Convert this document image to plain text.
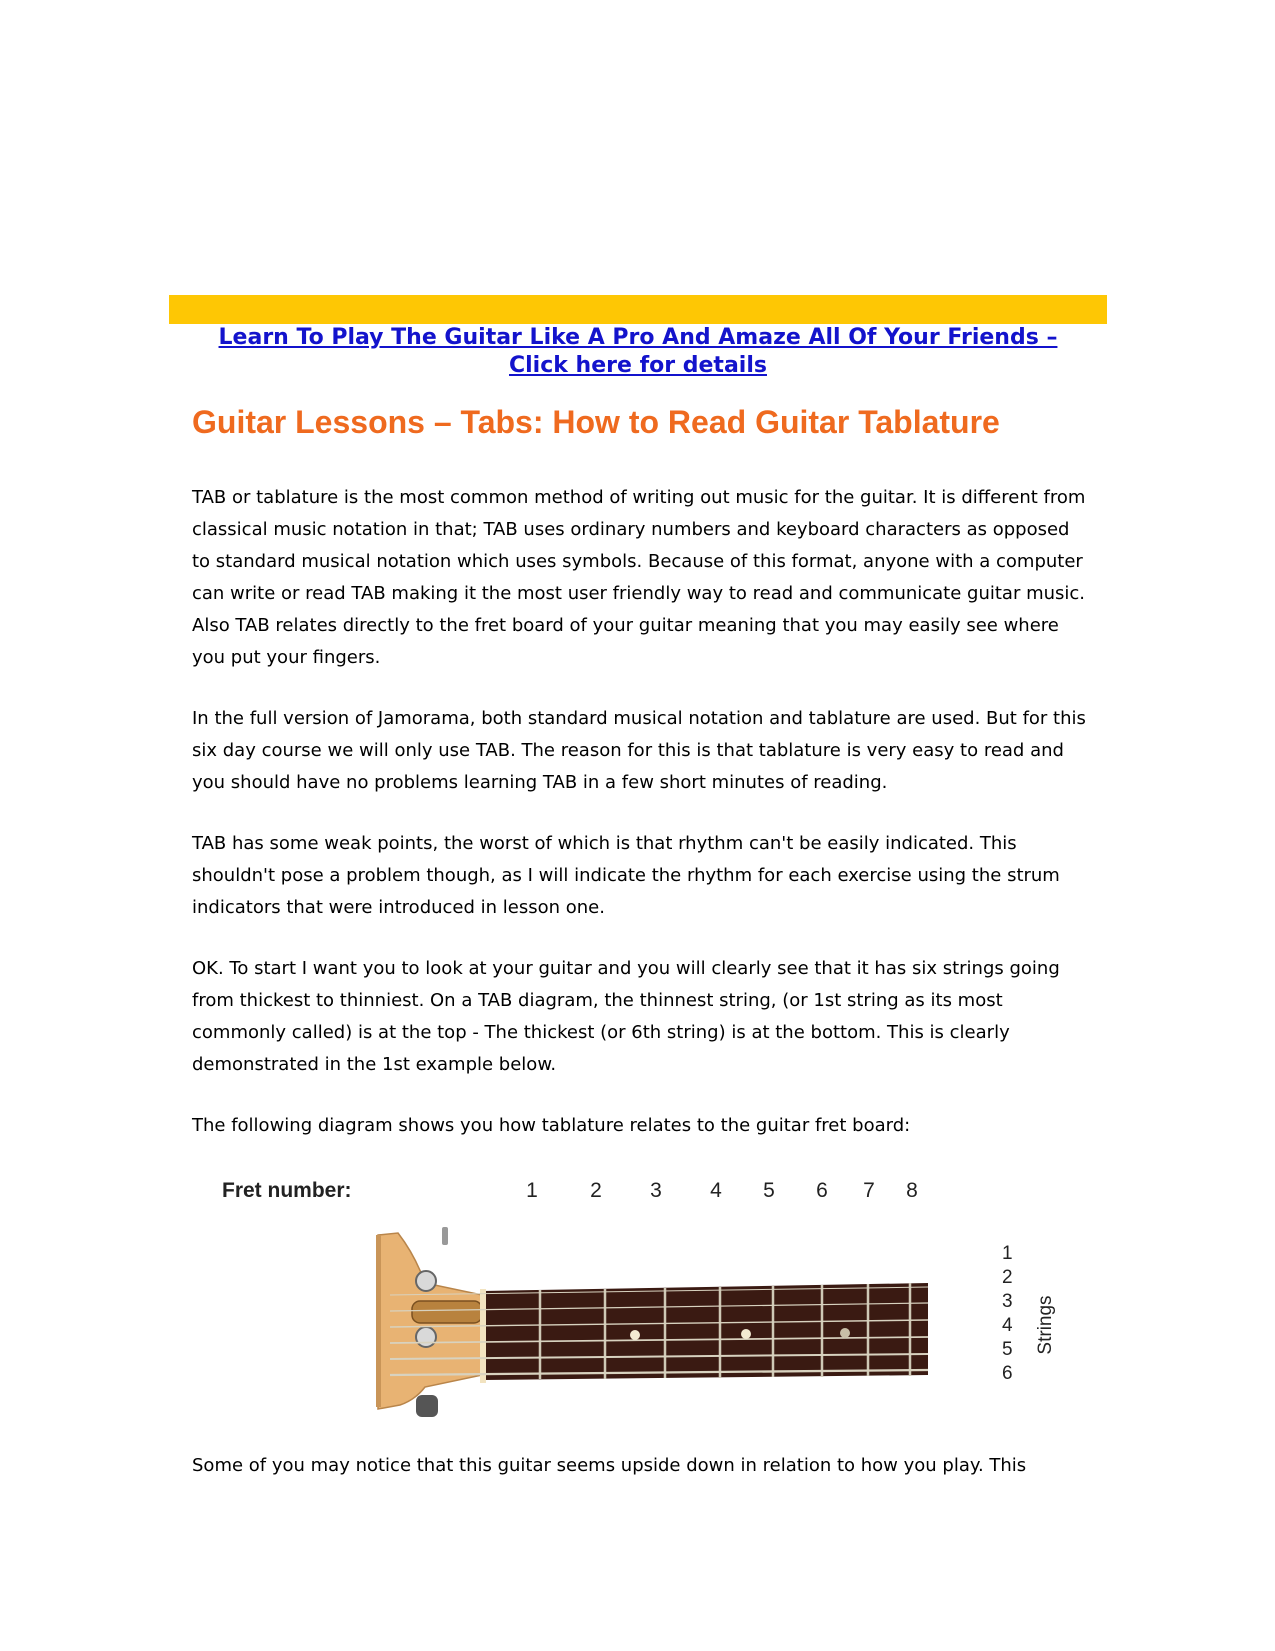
Learn To Play The Guitar Like A Pro And Amaze All Of Your Friends –
Click here for details
Guitar Lessons – Tabs: How to Read Guitar Tablature

TAB or tablature is the most common method of writing out music for the guitar. It is different from classical music notation in that; TAB uses ordinary numbers and keyboard characters as opposed to standard musical notation which uses symbols. Because of this format, anyone with a computer can write or read TAB making it the most user friendly way to read and communicate guitar music. Also TAB relates directly to the fret board of your guitar meaning that you may easily see where you put your fingers.

In the full version of Jamorama, both standard musical notation and tablature are used. But for this six day course we will only use TAB. The reason for this is that tablature is very easy to read and you should have no problems learning TAB in a few short minutes of reading.

TAB has some weak points, the worst of which is that rhythm can't be easily indicated. This shouldn't pose a problem though, as I will indicate the rhythm for each exercise using the strum indicators that were introduced in lesson one.

OK. To start I want you to look at your guitar and you will clearly see that it has six strings going from thickest to thinniest. On a TAB diagram, the thinnest string, (or 1st string as its most commonly called) is at the top - The thickest (or 6th string) is at the bottom. This is clearly demonstrated in the 1st example below.

The following diagram shows you how tablature relates to the guitar fret board:

Fret number:	1 2 3 4 5 6 7 8
1
2
3
4
5
6
Strings

Some of you may notice that this guitar seems upside down in relation to how you play. This
